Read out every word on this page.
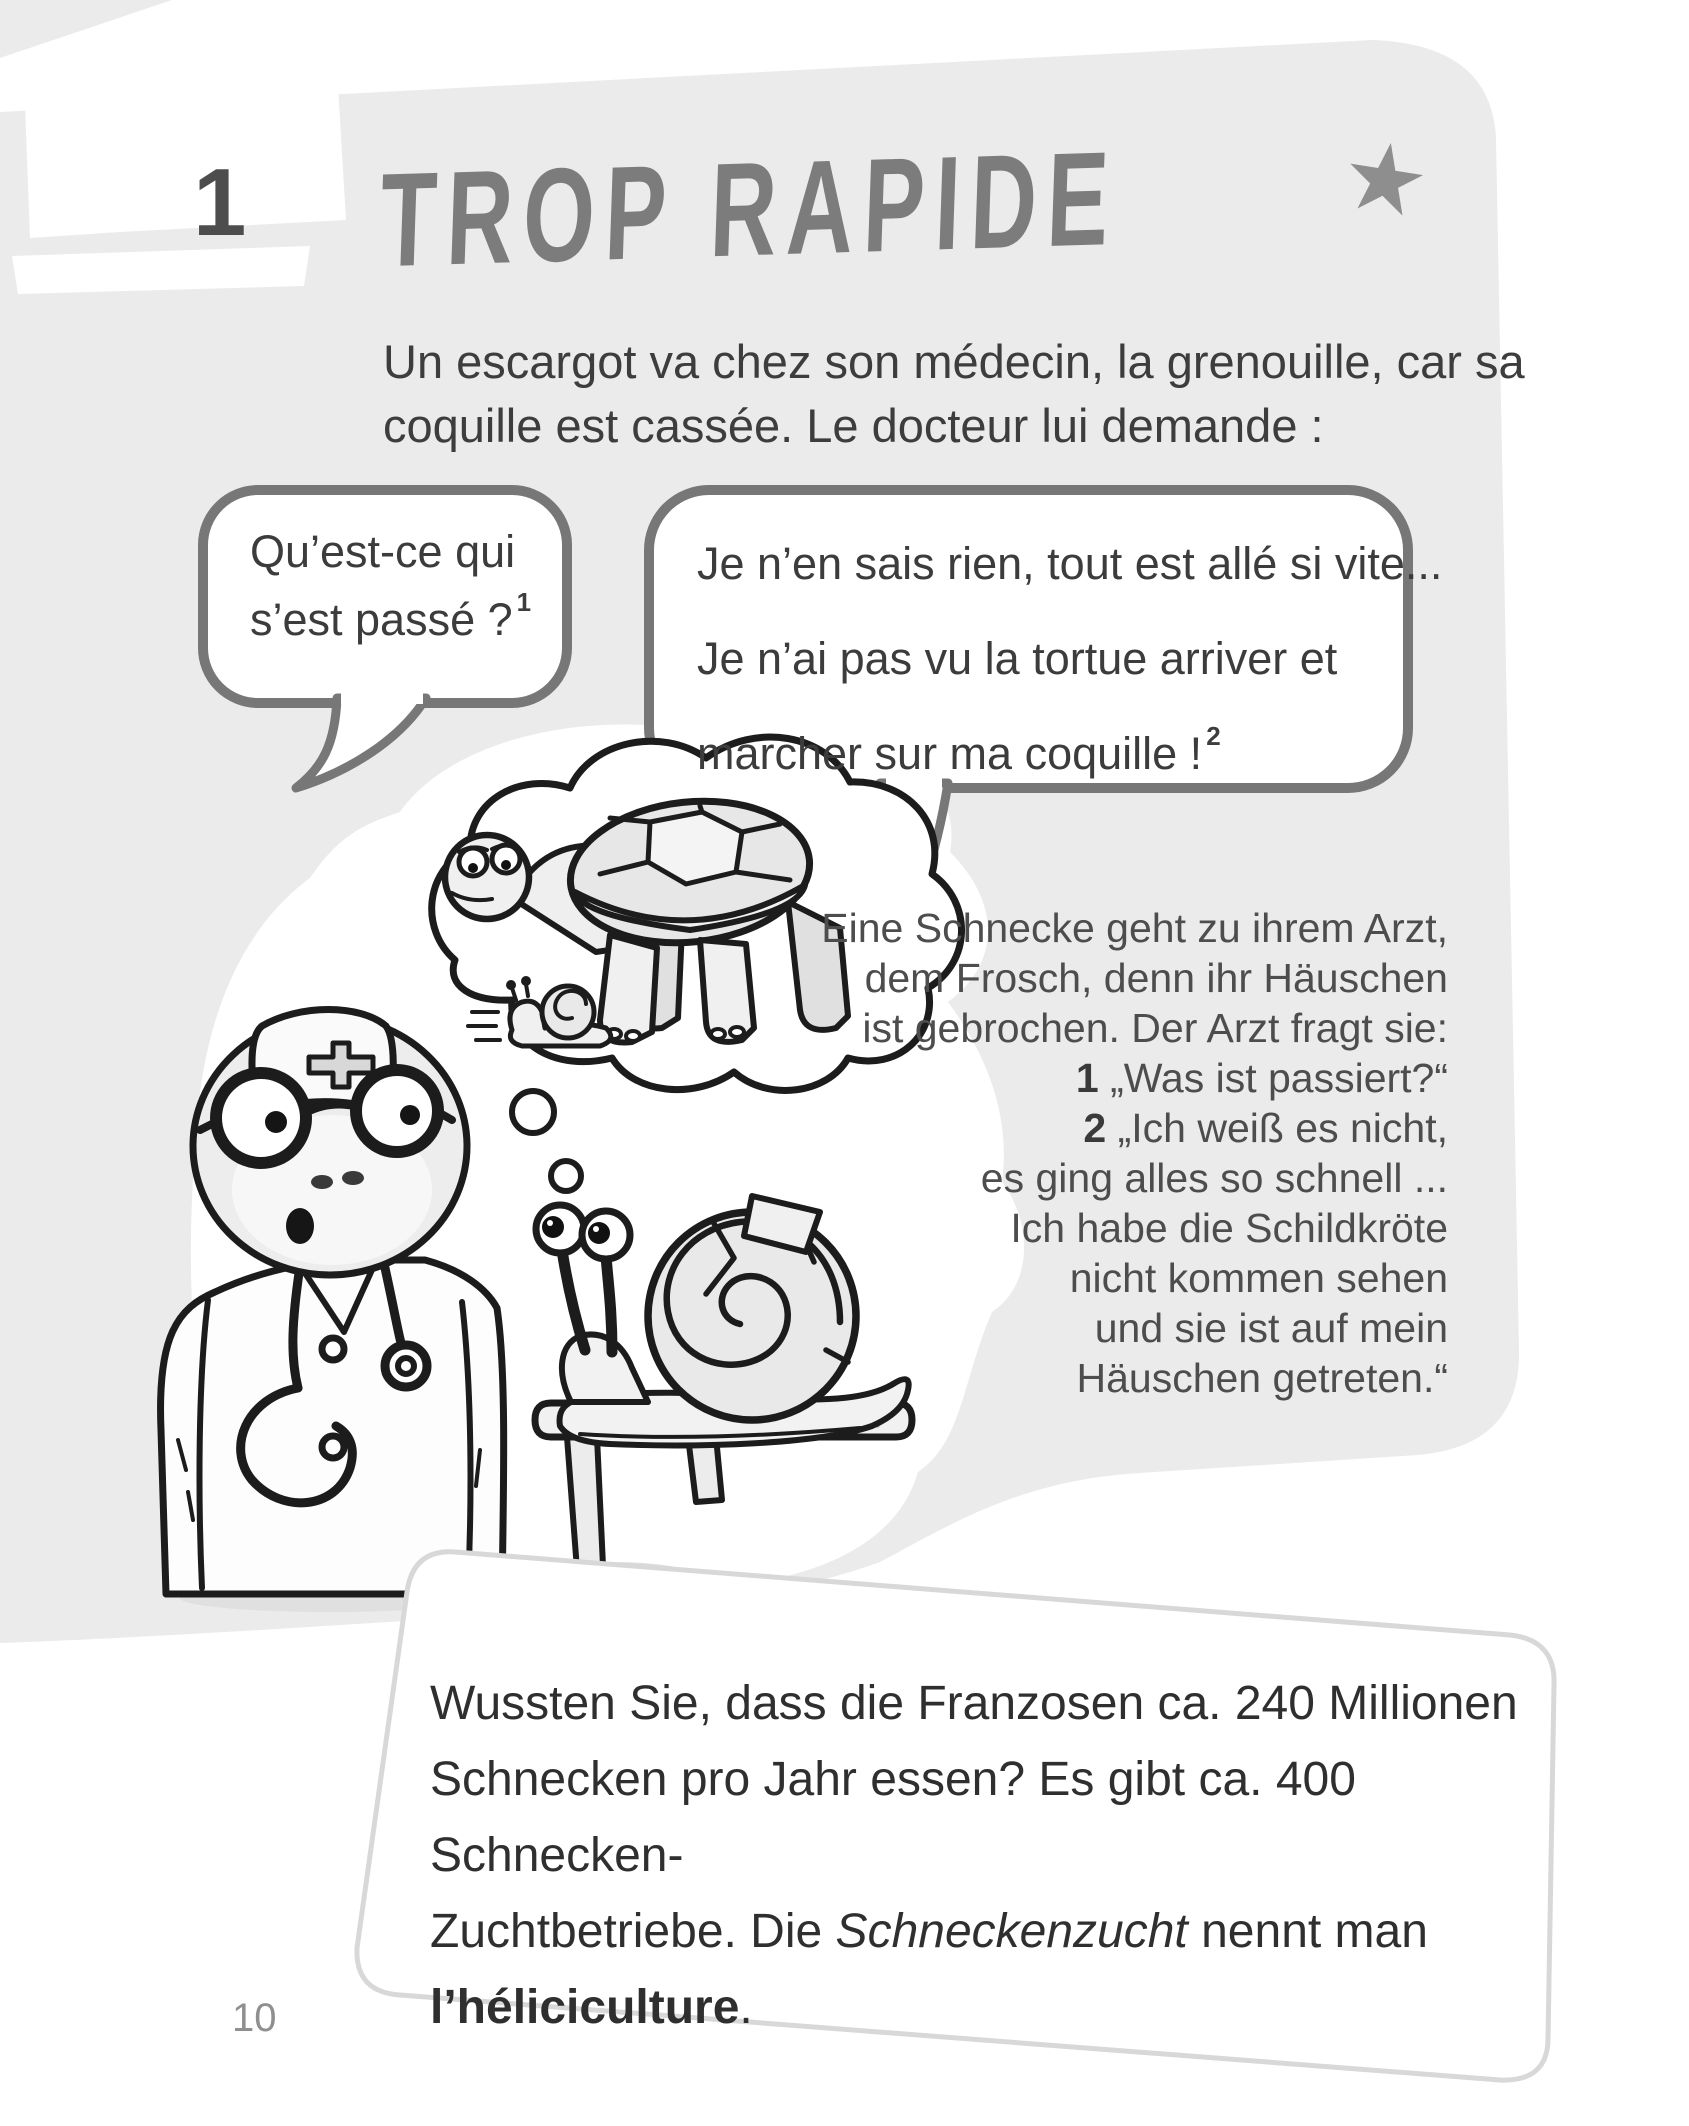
1 TROP RAPIDE ★
Un escargot va chez son médecin, la grenouille, car sa
coquille est cassée. Le docteur lui demande :
Qu’est-ce qui
s’est passé ? $^1$
Je n’en sais rien, tout est allé si vite...
Je n’ai pas vu la tortue arriver et
marcher sur ma coquille ! $^2$
Eine Schnecke geht zu ihrem Arzt,
dem Frosch, denn ihr Häuschen
ist gebrochen. Der Arzt fragt sie:
1 „Was ist passiert?“
2 „Ich weiß es nicht,
es ging alles so schnell ...
Ich habe die Schildkröte
nicht kommen sehen
und sie ist auf mein
Häuschen getreten.“
Wussten Sie, dass die Franzosen ca. 240 Millionen
Schnecken pro Jahr essen? Es gibt ca. 400 Schnecken-
Zuchtbetriebe. Die Schneckenzucht nennt man
l’héliciculture.
10
